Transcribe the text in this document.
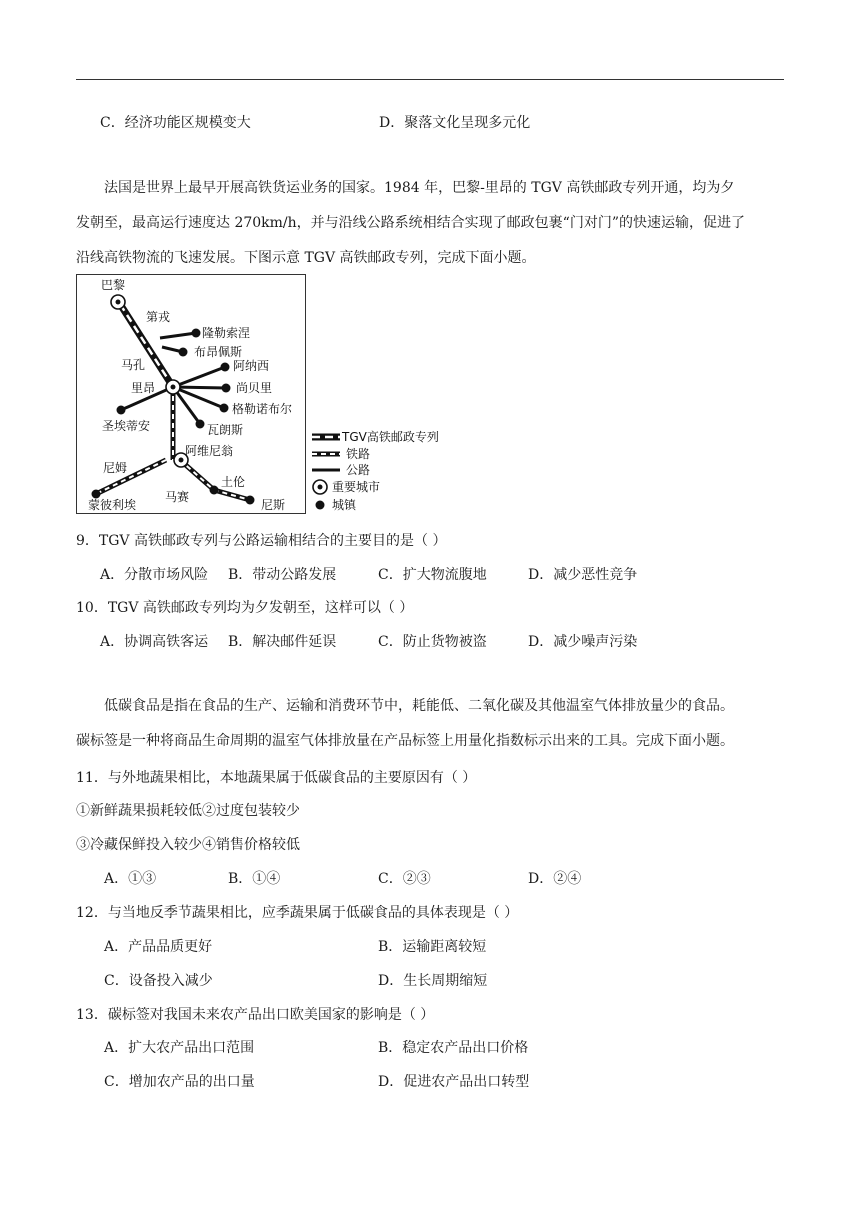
C．经济功能区规模变大	D．聚落文化呈现多元化
法国是世界上最早开展高铁货运业务的国家。1984 年，巴黎-里昂的 TGV 高铁邮政专列开通，均为夕
发朝至，最高运行速度达 270km/h，并与沿线公路系统相结合实现了邮政包裹“门对门”的快速运输，促进了
沿线高铁物流的飞速发展。下图示意 TGV 高铁邮政专列，完成下面小题。
巴黎
第戎
隆勒索涅
布昂佩斯
马孔	阿纳西
里昂	尚贝里
格勒诺布尔
圣埃蒂安	瓦朗斯
阿维尼翁
尼姆
土伦
马赛
蒙彼利埃	尼斯
TGV高铁邮政专列
铁路
公路
重要城市
城镇
9．TGV 高铁邮政专列与公路运输相结合的主要目的是（ ）
A．分散市场风险 B．带动公路发展	C．扩大物流腹地	D．减少恶性竞争
10．TGV 高铁邮政专列均为夕发朝至，这样可以（ ）
A．协调高铁客运 B．解决邮件延误	C．防止货物被盗	D．减少噪声污染
低碳食品是指在食品的生产、运输和消费环节中，耗能低、二氧化碳及其他温室气体排放量少的食品。
碳标签是一种将商品生命周期的温室气体排放量在产品标签上用量化指数标示出来的工具。完成下面小题。
11．与外地蔬果相比，本地蔬果属于低碳食品的主要原因有（ ）
①新鲜蔬果损耗较低②过度包装较少
③冷藏保鲜投入较少④销售价格较低
A．①③	B．①④	C．②③	D．②④
12．与当地反季节蔬果相比，应季蔬果属于低碳食品的具体表现是（ ）
A．产品品质更好	B．运输距离较短
C．设备投入减少	D．生长周期缩短
13．碳标签对我国未来农产品出口欧美国家的影响是（ ）
A．扩大农产品出口范围	B．稳定农产品出口价格
C．增加农产品的出口量	D．促进农产品出口转型
